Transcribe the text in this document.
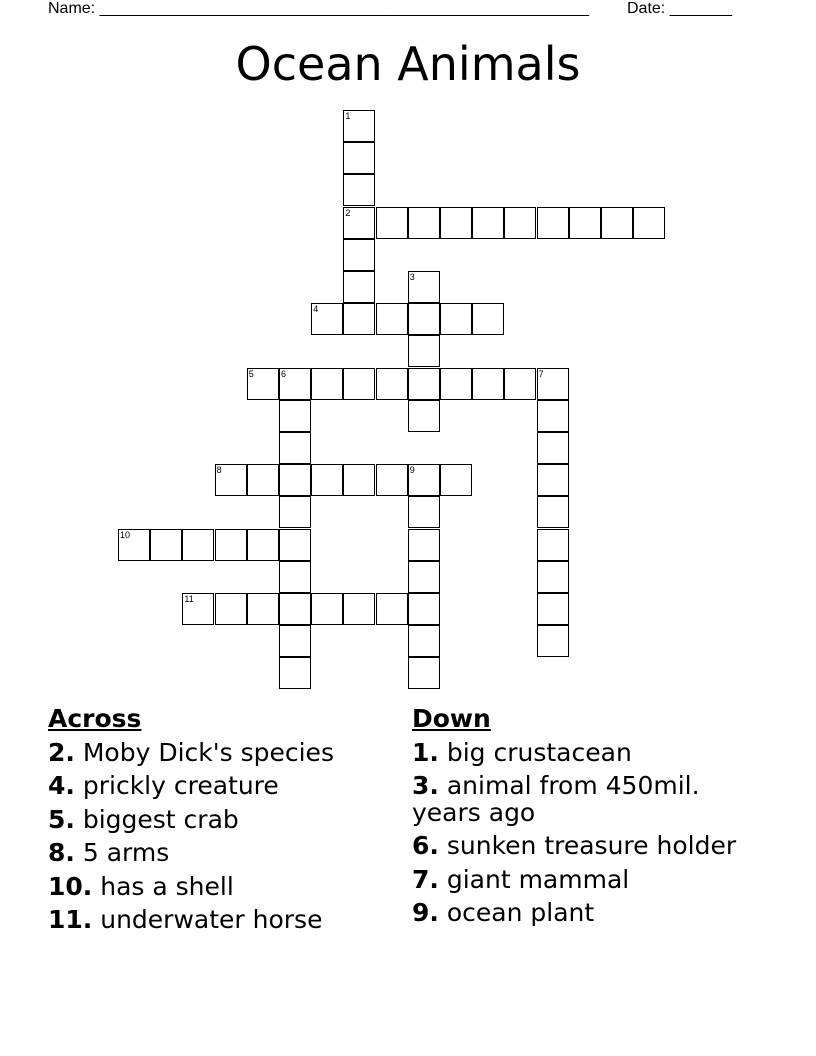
Name: _______________________________________________________ Date: _______
Ocean Animals
1
2
3
4
5	6	7
8	9
10
11
Across
2. Moby Dick's species
4. prickly creature
5. biggest crab
8. 5 arms
10. has a shell
11. underwater horse
Down
1. big crustacean
3. animal from 450mil. years ago
6. sunken treasure holder
7. giant mammal
9. ocean plant
